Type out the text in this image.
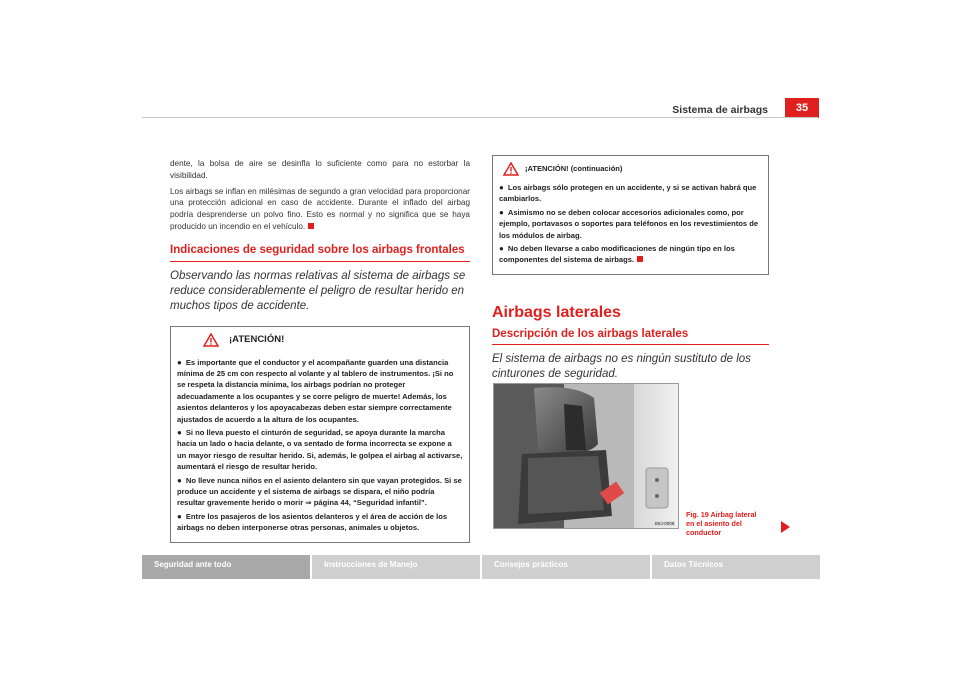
Sistema de airbags	35

dente, la bolsa de aire se desinfla lo suficiente como para no estorbar la visibilidad.

Los airbags se inflan en milésimas de segundo a gran velocidad para proporcionar una protección adicional en caso de accidente. Durante el inflado del airbag podría desprenderse un polvo fino. Esto es normal y no significa que se haya producido un incendio en el vehículo.

Indicaciones de seguridad sobre los airbags frontales

Observando las normas relativas al sistema de airbags se reduce considerablemente el peligro de resultar herido en muchos tipos de accidente.

¡ATENCIÓN!

● Es importante que el conductor y el acompañante guarden una distancia mínima de 25 cm con respecto al volante y al tablero de instrumentos. ¡Si no se respeta la distancia mínima, los airbags podrían no proteger adecuadamente a los ocupantes y se corre peligro de muerte! Además, los asientos delanteros y los apoyacabezas deben estar siempre correctamente ajustados de acuerdo a la altura de los ocupantes.

● Si no lleva puesto el cinturón de seguridad, se apoya durante la marcha hacia un lado o hacia delante, o va sentado de forma incorrecta se expone a un mayor riesgo de resultar herido. Si, además, le golpea el airbag al activarse, aumentará el riesgo de resultar herido.

● No lleve nunca niños en el asiento delantero sin que vayan protegidos. Si se produce un accidente y el sistema de airbags se dispara, el niño podría resultar gravemente herido o morir ⇒ página 44, “Seguridad infantil”.

● Entre los pasajeros de los asientos delanteros y el área de acción de los airbags no deben interponerse otras personas, animales u objetos.

¡ATENCIÓN! (continuación)

● Los airbags sólo protegen en un accidente, y si se activan habrá que cambiarlos.

● Asimismo no se deben colocar accesorios adicionales como, por ejemplo, portavasos o soportes para teléfonos en los revestimientos de los módulos de airbag.

● No deben llevarse a cabo modificaciones de ningún tipo en los componentes del sistema de airbags.

Airbags laterales
Descripción de los airbags laterales

El sistema de airbags no es ningún sustituto de los cinturones de seguridad.

B6J-0008
Fig. 19 Airbag lateral en el asiento del conductor
Seguridad ante todo	Instrucciones de Manejo	Consejos prácticos	Datos Técnicos
